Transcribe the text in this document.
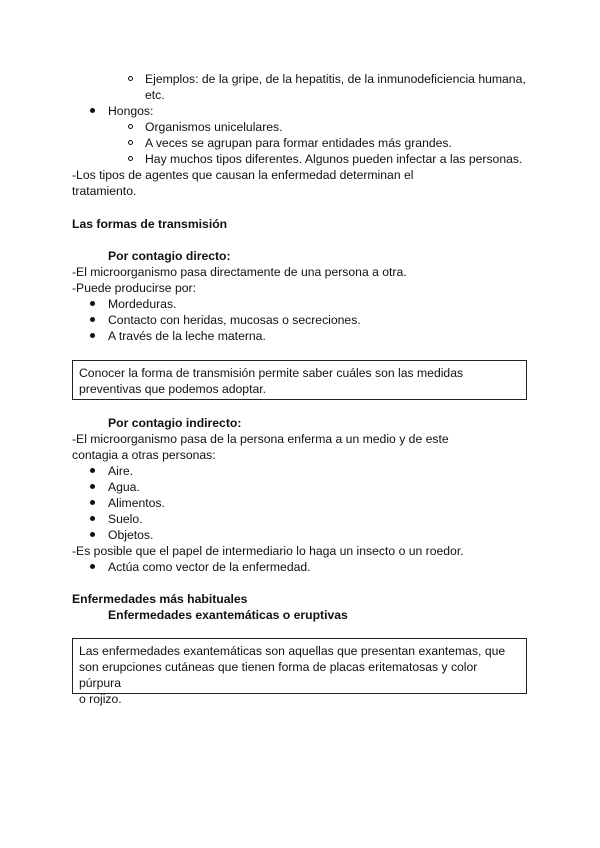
Ejemplos: de la gripe, de la hepatitis, de la inmunodeficiencia humana,
etc.
Hongos:
Organismos unicelulares.
A veces se agrupan para formar entidades más grandes.
Hay muchos tipos diferentes. Algunos pueden infectar a las personas.
-Los tipos de agentes que causan la enfermedad determinan el
tratamiento.
Las formas de transmisión
Por contagio directo:
-El microorganismo pasa directamente de una persona a otra.
-Puede producirse por:
Mordeduras.
Contacto con heridas, mucosas o secreciones.
A través de la leche materna.
Conocer la forma de transmisión permite saber cuáles son las medidas
preventivas que podemos adoptar.
Por contagio indirecto:
-El microorganismo pasa de la persona enferma a un medio y de este
contagia a otras personas:
Aire.
Agua.
Alimentos.
Suelo.
Objetos.
-Es posible que el papel de intermediario lo haga un insecto o un roedor.
Actúa como vector de la enfermedad.
Enfermedades más habituales
Enfermedades exantemáticas o eruptivas
Las enfermedades exantemáticas son aquellas que presentan exantemas, que
son erupciones cutáneas que tienen forma de placas eritematosas y color púrpura
o rojizo.
